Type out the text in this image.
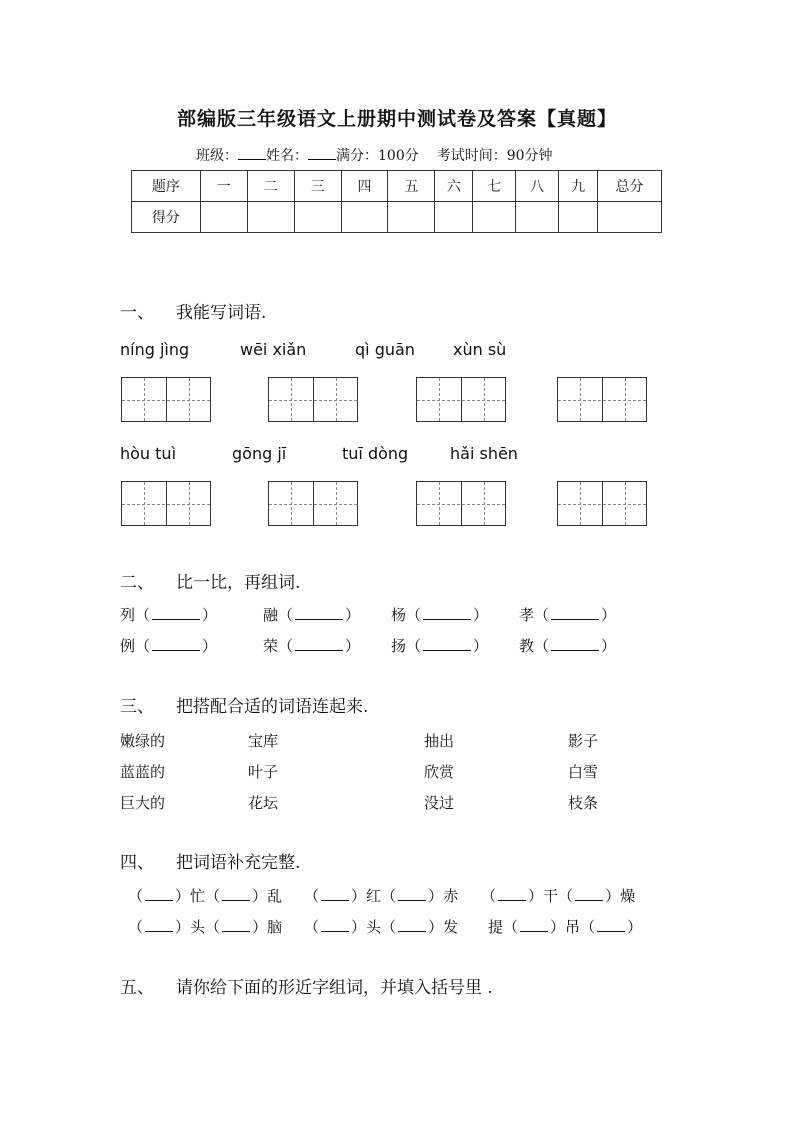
部编版三年级语文上册期中测试卷及答案【真题】
班级： 姓名： 满分：100分 考试时间：90分钟
题序	一	二	三	四	五	六	七	八	九	总分
得分										
一、 我能写词语.
níng jìng	wēi xiǎn	qì guān xùn sù
hòu tuì	gōng jī	tuī dòng	hǎi shēn
二、 比一比，再组词.
列（	）	融（	） 杨（	） 孝（	）
例（	）	荣（	） 扬（	） 教（	）
三、 把搭配合适的词语连起来.
嫩绿的	宝库	抽出	影子
蓝蓝的	叶子	欣赏	白雪
巨大的	花坛	没过	枝条
四、 把词语补充完整.
（ ）忙（ ）乱 （ ）红（ ）赤 （ ）干（ ）燥
（ ）头（ ）脑 （ ）头（ ）发 提（ ）吊（ ）
五、 请你给下面的形近字组词，并填入括号里 .
